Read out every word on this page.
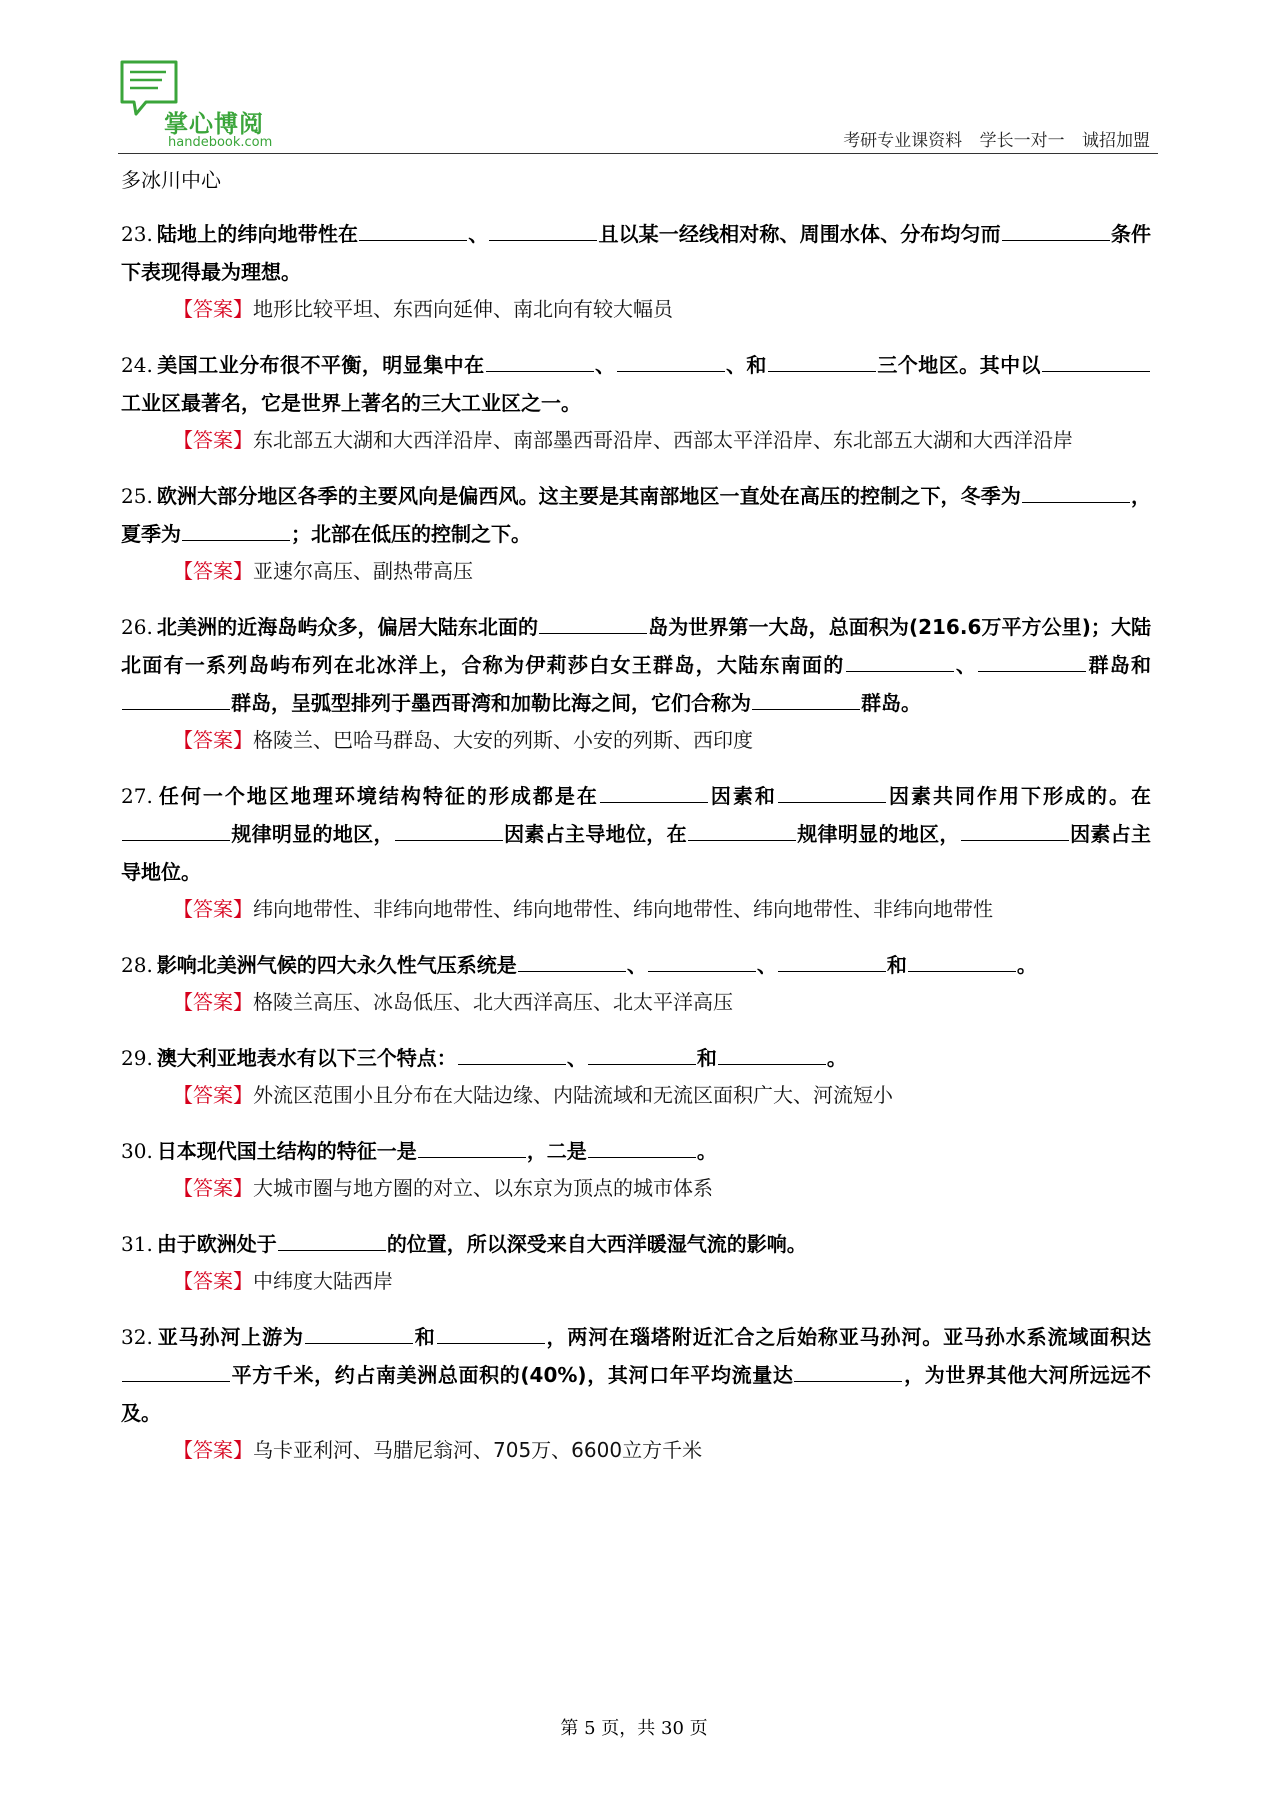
掌心博阅
handebook.com	考研专业课资料 学长一对一 诚招加盟
多冰川中心
23. 陆地上的纬向地带性在	、	且以某一经线相对称、周围水体、分布均匀而	条件下表现得最为理想。
【答案】地形比较平坦、东西向延伸、南北向有较大幅员
24. 美国工业分布很不平衡，明显集中在	、	、和	三个地区。其中以工业区最著名，它是世界上著名的三大工业区之一。
【答案】东北部五大湖和大西洋沿岸、南部墨西哥沿岸、西部太平洋沿岸、东北部五大湖和大西洋沿岸
25. 欧洲大部分地区各季的主要风向是偏西风。这主要是其南部地区一直处在高压的控制之下，冬季为	，夏季为	；北部在低压的控制之下。
【答案】亚速尔高压、副热带高压
26. 北美洲的近海岛屿众多，偏居大陆东北面的	岛为世界第一大岛，总面积为(216.6万平方公里)；大陆北面有一系列岛屿布列在北冰洋上，合称为伊莉莎白女王群岛，大陆东南面的	、	群岛和群岛，呈弧型排列于墨西哥湾和加勒比海之间，它们合称为	群岛。
【答案】格陵兰、巴哈马群岛、大安的列斯、小安的列斯、西印度
27. 任何一个地区地理环境结构特征的形成都是在	因素和	因素共同作用下形成的。在规律明显的地区，	因素占主导地位，在	规律明显的地区，	因素占主导地位。
【答案】纬向地带性、非纬向地带性、纬向地带性、纬向地带性、纬向地带性、非纬向地带性
28. 影响北美洲气候的四大永久性气压系统是	、	、	和	。
【答案】格陵兰高压、冰岛低压、北大西洋高压、北太平洋高压
29. 澳大利亚地表水有以下三个特点：	、	和	。
【答案】外流区范围小且分布在大陆边缘、内陆流域和无流区面积广大、河流短小
30. 日本现代国土结构的特征一是	，二是	。
【答案】大城市圈与地方圈的对立、以东京为顶点的城市体系
31. 由于欧洲处于	的位置，所以深受来自大西洋暖湿气流的影响。
【答案】中纬度大陆西岸
32. 亚马孙河上游为	和	，两河在瑙塔附近汇合之后始称亚马孙河。亚马孙水系流域面积达平方千米，约占南美洲总面积的(40%)，其河口年平均流量达	，为世界其他大河所远远不及。
【答案】乌卡亚利河、马腊尼翁河、705万、6600立方千米
第 5 页，共 30 页
